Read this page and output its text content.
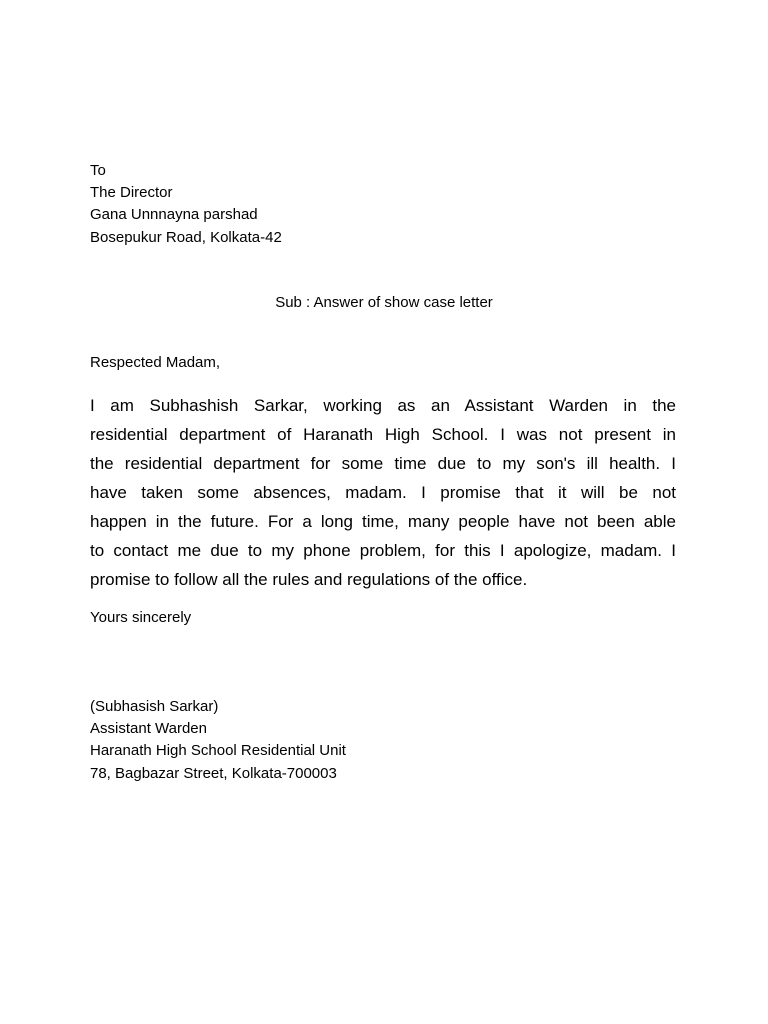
To
The Director
Gana Unnnayna parshad
Bosepukur Road, Kolkata-42
Sub : Answer of show case letter
Respected Madam,
I am Subhashish Sarkar, working as an Assistant Warden in the
residential department of Haranath High School. I was not present in
the residential department for some time due to my son's ill health. I
have taken some absences, madam. I promise that it will be not
happen in the future. For a long time, many people have not been able
to contact me due to my phone problem, for this I apologize, madam. I
promise to follow all the rules and regulations of the office.
Yours sincerely
(Subhasish Sarkar)
Assistant Warden
Haranath High School Residential Unit
78, Bagbazar Street, Kolkata-700003
